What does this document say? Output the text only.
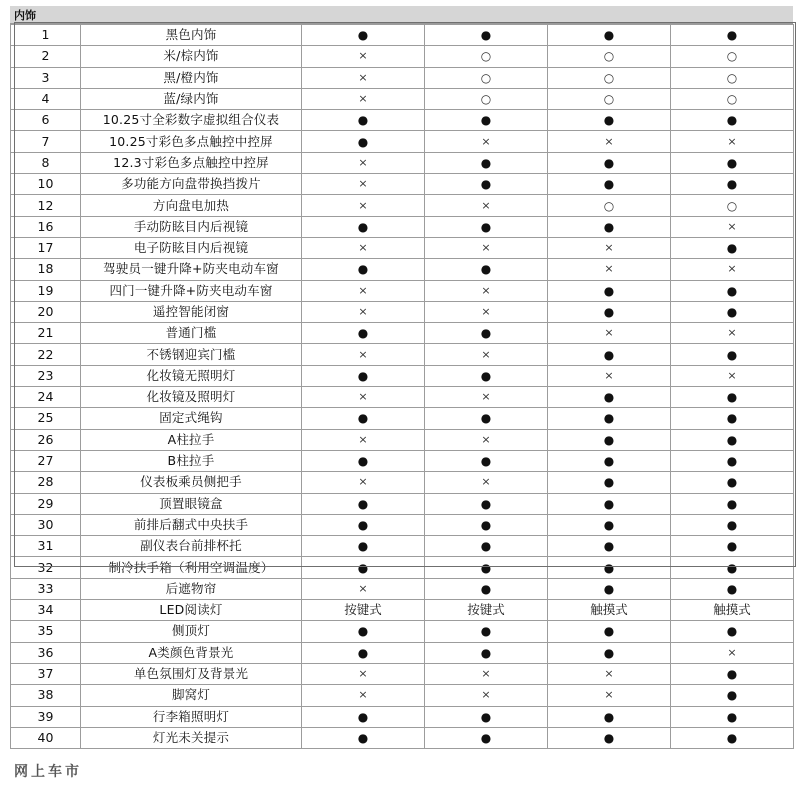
内饰
1	黑色内饰	●	●	●	●
2	米/棕内饰	×	○	○	○
3	黑/橙内饰	×	○	○	○
4	蓝/绿内饰	×	○	○	○
6	10.25寸全彩数字虚拟组合仪表	●	●	●	●
7	10.25寸彩色多点触控中控屏	●	×	×	×
8	12.3寸彩色多点触控中控屏	×	●	●	●
10	多功能方向盘带换挡拨片	×	●	●	●
12	方向盘电加热	×	×	○	○
16	手动防眩目内后视镜	●	●	●	×
17	电子防眩目内后视镜	×	×	×	●
18	驾驶员一键升降+防夹电动车窗	●	●	×	×
19	四门一键升降+防夹电动车窗	×	×	●	●
20	遥控智能闭窗	×	×	●	●
21	普通门槛	●	●	×	×
22	不锈钢迎宾门槛	×	×	●	●
23	化妆镜无照明灯	●	●	×	×
24	化妆镜及照明灯	×	×	●	●
25	固定式绳钩	●	●	●	●
26	A柱拉手	×	×	●	●
27	B柱拉手	●	●	●	●
28	仪表板乘员侧把手	×	×	●	●
29	顶置眼镜盒	●	●	●	●
30	前排后翻式中央扶手	●	●	●	●
31	副仪表台前排杯托	●	●	●	●
32	制冷扶手箱（利用空调温度）	●	●	●	●
33	后遮物帘	×	●	●	●
34	LED阅读灯	按键式	按键式	触摸式	触摸式
35	侧顶灯	●	●	●	●
36	A类颜色背景光	●	●	●	×
37	单色氛围灯及背景光	×	×	×	●
38	脚窝灯	×	×	×	●
39	行李箱照明灯	●	●	●	●
40	灯光未关提示	●	●	●	●
网上车市
